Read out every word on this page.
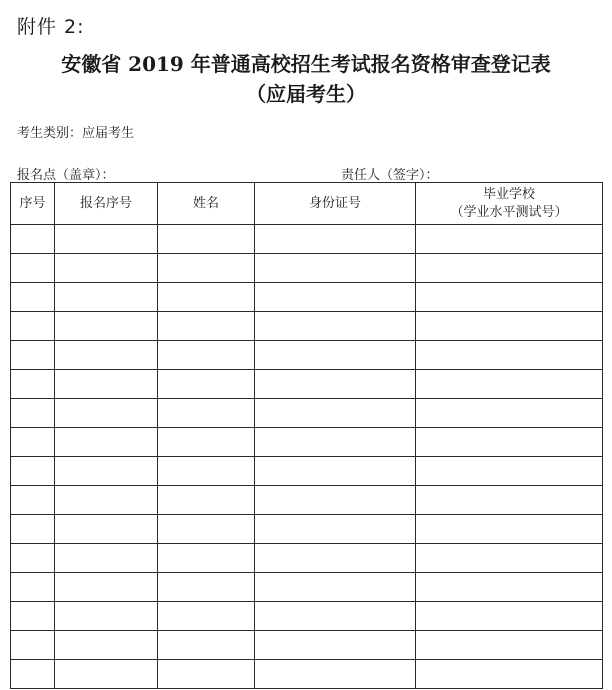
附件 2:
安徽省 2019 年普通高校招生考试报名资格审查登记表
（应届考生）
考生类别：应届考生
报名点（盖章）：	责任人（签字）：
序号	报名序号	姓名	身份证号	毕业学校
（学业水平测试号）
